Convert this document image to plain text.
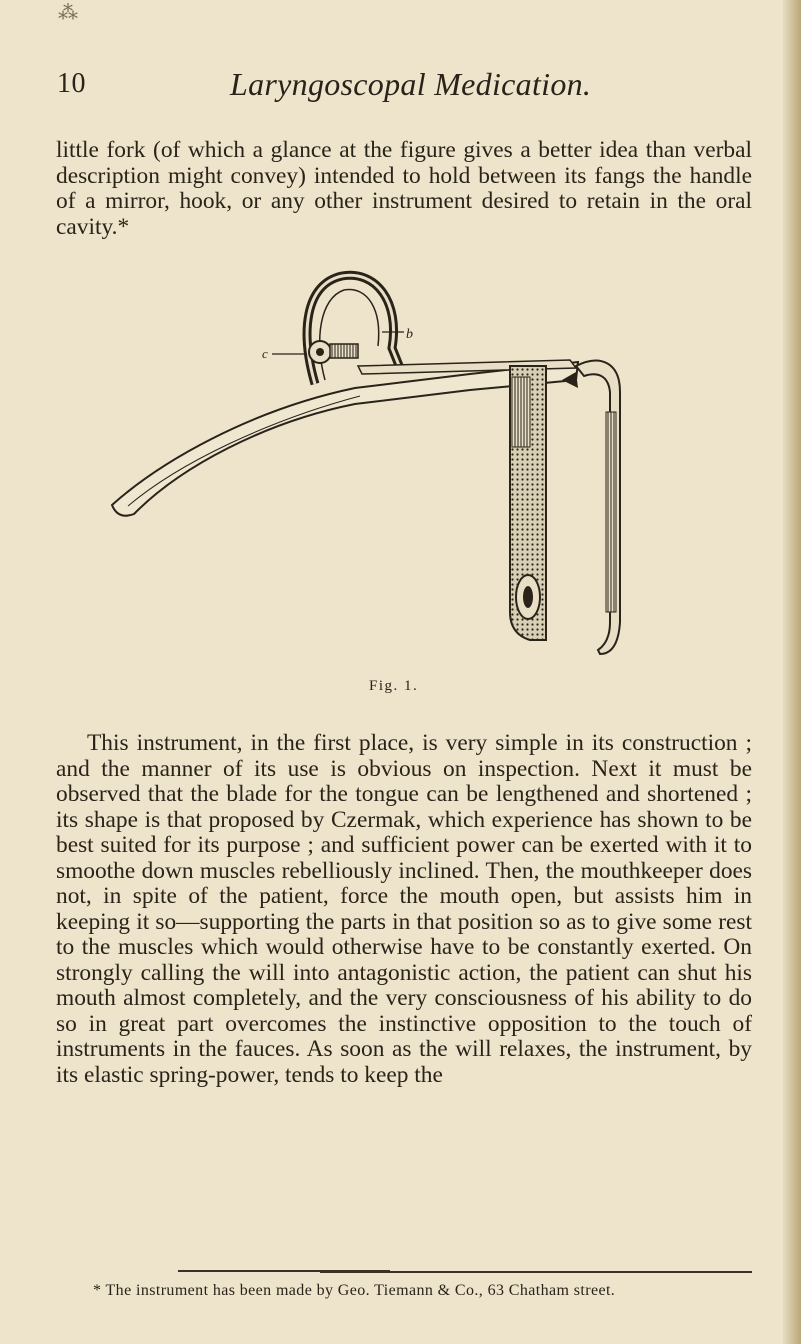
⁂
10	Laryngoscopal Medication.

little fork (of which a glance at the figure gives a better idea than verbal description might convey) intended to hold between its fangs the handle of a mirror, hook, or any other instrument desired to retain in the oral cavity.*

c
b
Fig. 1.

This instrument, in the first place, is very simple in its construction ; and the manner of its use is obvious on inspection. Next it must be observed that the blade for the tongue can be lengthened and shortened ; its shape is that proposed by Czermak, which experience has shown to be best suited for its purpose ; and sufficient power can be exerted with it to smoothe down muscles rebelliously inclined. Then, the mouthkeeper does not, in spite of the patient, force the mouth open, but assists him in keeping it so—supporting the parts in that position so as to give some rest to the muscles which would otherwise have to be constantly exerted. On strongly calling the will into antagonistic action, the patient can shut his mouth almost completely, and the very consciousness of his ability to do so in great part overcomes the instinctive opposition to the touch of instruments in the fauces. As soon as the will relaxes, the instrument, by its elastic spring-power, tends to keep the

* The instrument has been made by Geo. Tiemann & Co., 63 Chatham street.
